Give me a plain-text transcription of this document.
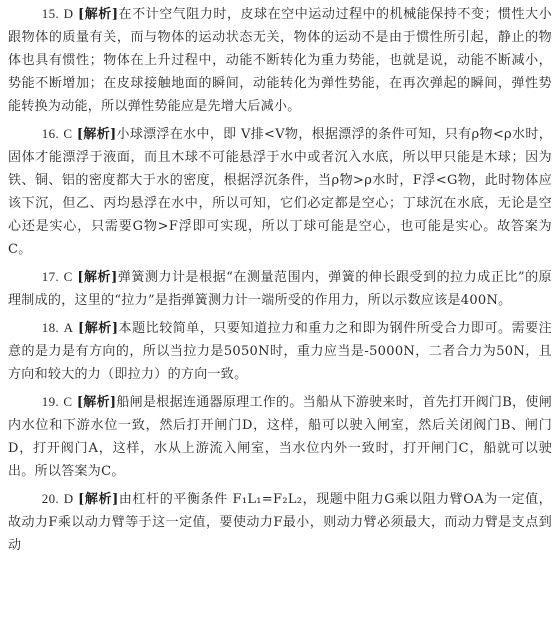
15. D [解析]在不计空气阻力时，皮球在空中运动过程中的机械能保持不变；惯性大小跟物体的质量有关，而与物体的运动状态无关，物体的运动不是由于惯性所引起，静止的物体也具有惯性；物体在上升过程中，动能不断转化为重力势能，也就是说，动能不断减小，势能不断增加；在皮球接触地面的瞬间，动能转化为弹性势能，在再次弹起的瞬间，弹性势能转换为动能，所以弹性势能应是先增大后减小。

16. C [解析]小球漂浮在水中，即 V排<V物，根据漂浮的条件可知，只有ρ物<ρ水时，固体才能漂浮于液面，而且木球不可能悬浮于水中或者沉入水底，所以甲只能是木球；因为铁、铜、铝的密度都大于水的密度，根据浮沉条件，当ρ物>ρ水时，F浮<G物，此时物体应该下沉，但乙、丙均悬浮在水中，所以可知，它们必定都是空心；丁球沉在水底，无论是空心还是实心，只需要G物>F浮即可实现，所以丁球可能是空心，也可能是实心。故答案为C。

17. C [解析]弹簧测力计是根据“在测量范围内，弹簧的伸长跟受到的拉力成正比”的原理制成的，这里的“拉力”是指弹簧测力计一端所受的作用力，所以示数应该是400N。

18. A [解析]本题比较简单，只要知道拉力和重力之和即为钢件所受合力即可。需要注意的是力是有方向的，所以当拉力是5050N时，重力应当是-5000N，二者合力为50N，且方向和较大的力（即拉力）的方向一致。

19. C [解析]船闸是根据连通器原理工作的。当船从下游驶来时，首先打开阀门B，使闸内水位和下游水位一致，然后打开闸门D，这样，船可以驶入闸室，然后关闭阀门B、闸门D，打开阀门A，这样，水从上游流入闸室，当水位内外一致时，打开闸门C，船就可以驶出。所以答案为C。

20. D [解析]由杠杆的平衡条件 F₁L₁=F₂L₂，现题中阻力G乘以阻力臂OA为一定值，故动力F乘以动力臂等于这一定值，要使动力F最小，则动力臂必须最大，而动力臂是支点到动
